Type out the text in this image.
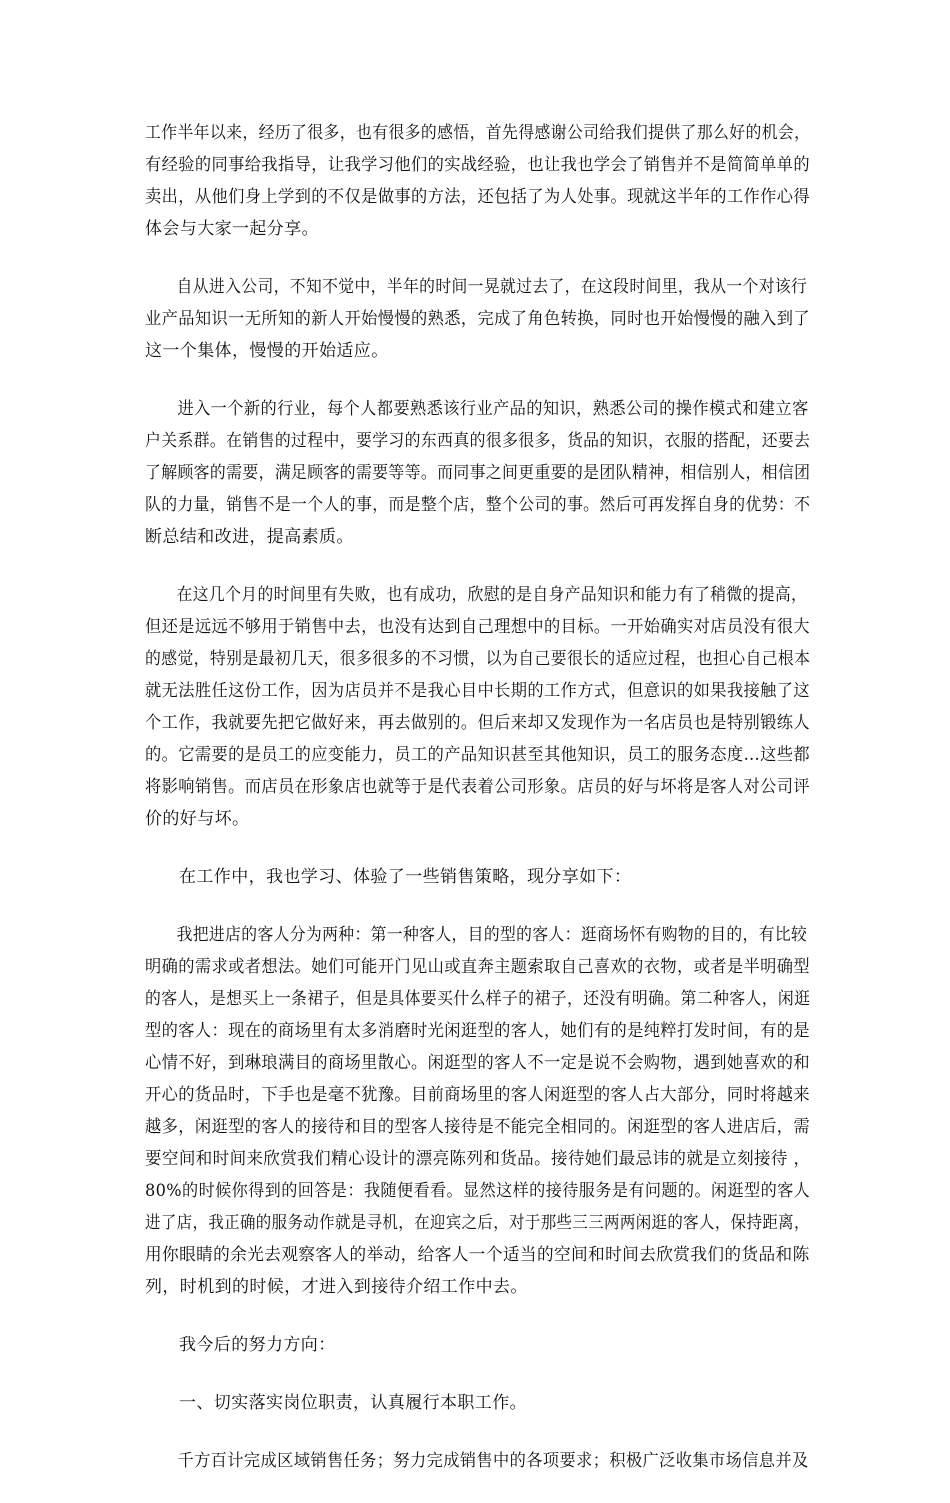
工作半年以来，经历了很多，也有很多的感悟，首先得感谢公司给我们提供了那么好的机会，
有经验的同事给我指导，让我学习他们的实战经验，也让我也学会了销售并不是简简单单的
卖出，从他们身上学到的不仅是做事的方法，还包括了为人处事。现就这半年的工作作心得
体会与大家一起分享。

自从进入公司，不知不觉中，半年的时间一晃就过去了，在这段时间里，我从一个对该行
业产品知识一无所知的新人开始慢慢的熟悉，完成了角色转换，同时也开始慢慢的融入到了
这一个集体，慢慢的开始适应。

进入一个新的行业，每个人都要熟悉该行业产品的知识，熟悉公司的操作模式和建立客
户关系群。在销售的过程中，要学习的东西真的很多很多，货品的知识，衣服的搭配，还要去
了解顾客的需要，满足顾客的需要等等。而同事之间更重要的是团队精神，相信别人，相信团
队的力量，销售不是一个人的事，而是整个店，整个公司的事。然后可再发挥自身的优势：不
断总结和改进，提高素质。

在这几个月的时间里有失败，也有成功，欣慰的是自身产品知识和能力有了稍微的提高，
但还是远远不够用于销售中去，也没有达到自己理想中的目标。一开始确实对店员没有很大
的感觉，特别是最初几天，很多很多的不习惯，以为自己要很长的适应过程，也担心自己根本
就无法胜任这份工作，因为店员并不是我心目中长期的工作方式，但意识的如果我接触了这
个工作，我就要先把它做好来，再去做别的。但后来却又发现作为一名店员也是特别锻练人
的。它需要的是员工的应变能力，员工的产品知识甚至其他知识，员工的服务态度…这些都
将影响销售。而店员在形象店也就等于是代表着公司形象。店员的好与坏将是客人对公司评
价的好与坏。

在工作中，我也学习、体验了一些销售策略，现分享如下：

我把进店的客人分为两种：第一种客人，目的型的客人：逛商场怀有购物的目的，有比较
明确的需求或者想法。她们可能开门见山或直奔主题索取自己喜欢的衣物，或者是半明确型
的客人，是想买上一条裙子，但是具体要买什么样子的裙子，还没有明确。第二种客人，闲逛
型的客人：现在的商场里有太多消磨时光闲逛型的客人，她们有的是纯粹打发时间，有的是
心情不好，到琳琅满目的商场里散心。闲逛型的客人不一定是说不会购物，遇到她喜欢的和
开心的货品时，下手也是毫不犹豫。目前商场里的客人闲逛型的客人占大部分，同时将越来
越多，闲逛型的客人的接待和目的型客人接待是不能完全相同的。闲逛型的客人进店后，需
要空间和时间来欣赏我们精心设计的漂亮陈列和货品。接待她们最忌讳的就是立刻接待 ，
80%的时候你得到的回答是：我随便看看。显然这样的接待服务是有问题的。闲逛型的客人
进了店，我正确的服务动作就是寻机，在迎宾之后，对于那些三三两两闲逛的客人，保持距离，
用你眼睛的余光去观察客人的举动，给客人一个适当的空间和时间去欣赏我们的货品和陈
列，时机到的时候，才进入到接待介绍工作中去。

我今后的努力方向：

一、切实落实岗位职责，认真履行本职工作。

千方百计完成区域销售任务；努力完成销售中的各项要求；积极广泛收集市场信息并及
